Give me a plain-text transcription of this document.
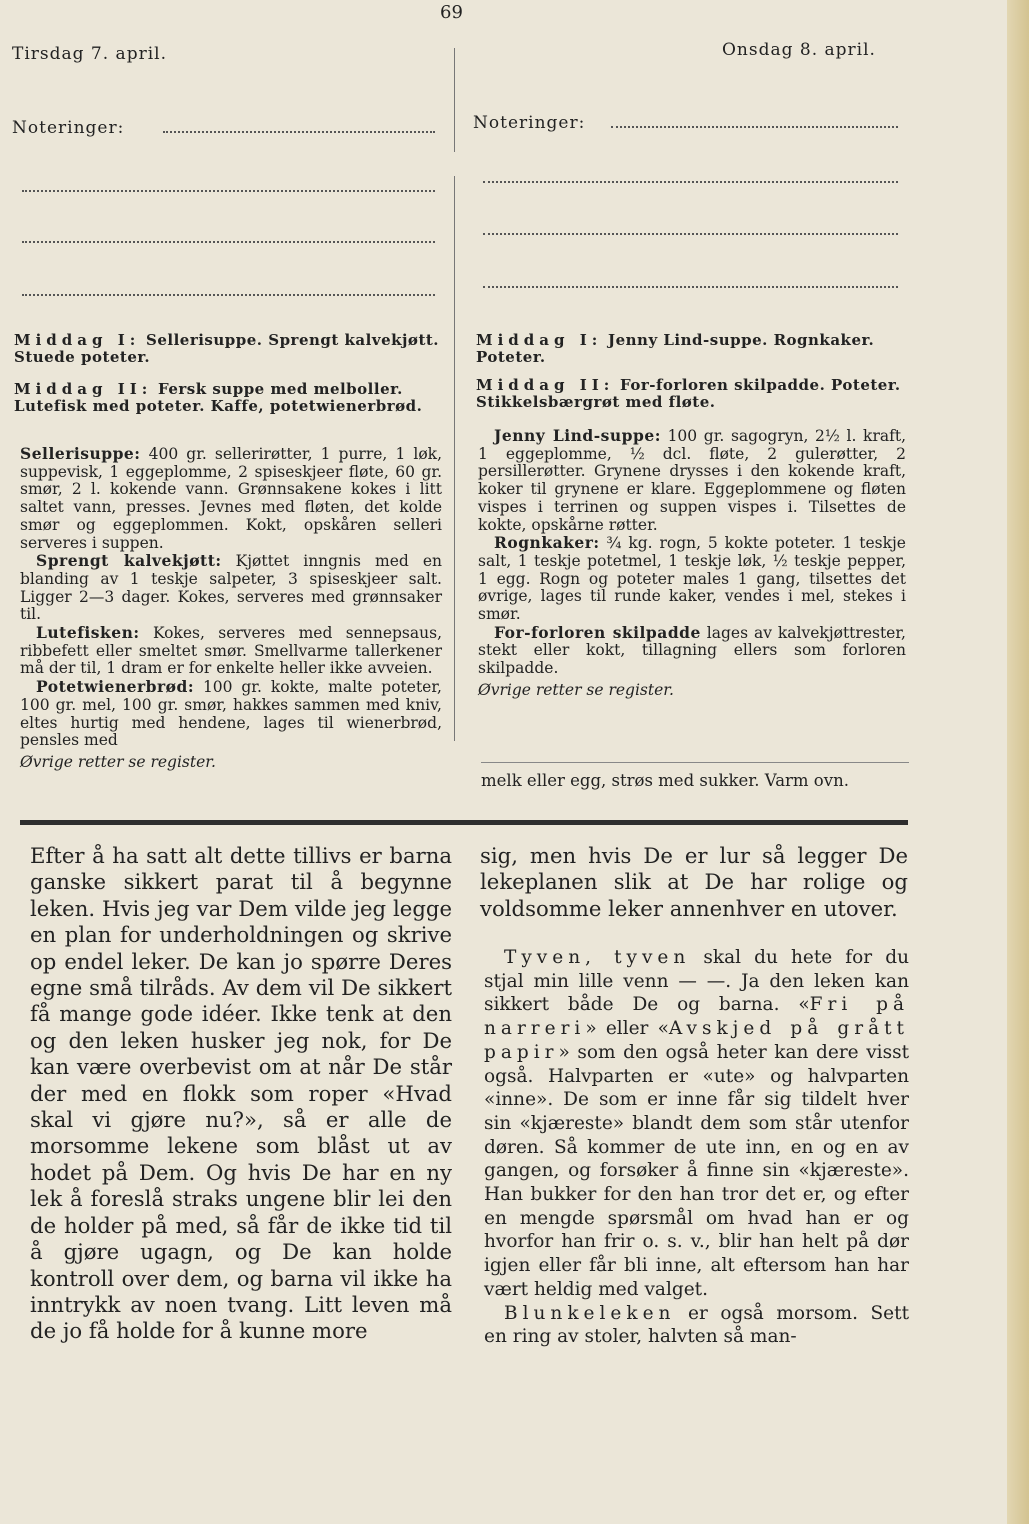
69
Tirsdag 7. april.
Noteringer:
Onsdag 8. april.
Noteringer:
Middag I: Sellerisuppe. Sprengt kalvekjøtt. Stuede poteter.
Middag II: Fersk suppe med melboller. Lutefisk med poteter. Kaffe, potetwienerbrød.

Sellerisuppe: 400 gr. sellerirøtter, 1 purre, 1 løk, suppevisk, 1 eggeplomme, 2 spiseskjeer fløte, 60 gr. smør, 2 l. kokende vann. Grønnsakene kokes i litt saltet vann, presses. Jevnes med fløten, det kolde smør og eggeplommen. Kokt, opskåren selleri serveres i suppen.

Sprengt kalvekjøtt: Kjøttet inngnis med en blanding av 1 teskje salpeter, 3 spiseskjeer salt. Ligger 2—3 dager. Kokes, serveres med grønnsaker til.

Lutefisken: Kokes, serveres med sennepsaus, ribbefett eller smeltet smør. Smellvarme tallerkener må der til, 1 dram er for enkelte heller ikke avveien.

Potetwienerbrød: 100 gr. kokte, malte poteter, 100 gr. mel, 100 gr. smør, hakkes sammen med kniv, eltes hurtig med hendene, lages til wienerbrød, pensles med

Øvrige retter se register.
Middag I: Jenny Lind-suppe. Rognkaker. Poteter.
Middag II: For-forloren skilpadde. Poteter. Stikkelsbærgrøt med fløte.

Jenny Lind-suppe: 100 gr. sagogryn, 2½ l. kraft, 1 eggeplomme, ½ dcl. fløte, 2 gulerøtter, 2 persillerøtter. Grynene drysses i den kokende kraft, koker til grynene er klare. Eggeplommene og fløten vispes i terrinen og suppen vispes i. Tilsettes de kokte, opskårne røtter.

Rognkaker: ¾ kg. rogn, 5 kokte poteter. 1 teskje salt, 1 teskje potetmel, 1 teskje løk, ½ teskje pepper, 1 egg. Rogn og poteter males 1 gang, tilsettes det øvrige, lages til runde kaker, vendes i mel, stekes i smør.

For-forloren skilpadde lages av kalvekjøttrester, stekt eller kokt, tillagning ellers som forloren skilpadde.

Øvrige retter se register.
melk eller egg, strøs med sukker. Varm ovn.
Efter å ha satt alt dette tillivs er barna ganske sikkert parat til å begynne leken. Hvis jeg var Dem vilde jeg legge en plan for underholdningen og skrive op endel leker. De kan jo spørre Deres egne små tilråds. Av dem vil De sikkert få mange gode idéer. Ikke tenk at den og den leken husker jeg nok, for De kan være overbevist om at når De står der med en flokk som roper «Hvad skal vi gjøre nu?», så er alle de morsomme lekene som blåst ut av hodet på Dem. Og hvis De har en ny lek å foreslå straks ungene blir lei den de holder på med, så får de ikke tid til å gjøre ugagn, og De kan holde kontroll over dem, og barna vil ikke ha inntrykk av noen tvang. Litt leven må de jo få holde for å kunne more
sig, men hvis De er lur så legger De lekeplanen slik at De har rolige og voldsomme leker annenhver en utover.

Tyven, tyven skal du hete for du stjal min lille venn — —. Ja den leken kan sikkert både De og barna. «Fri på narreri» eller «Avskjed på grått papir» som den også heter kan dere visst også. Halvparten er «ute» og halvparten «inne». De som er inne får sig tildelt hver sin «kjæreste» blandt dem som står utenfor døren. Så kommer de ute inn, en og en av gangen, og forsøker å finne sin «kjæreste». Han bukker for den han tror det er, og efter en mengde spørsmål om hvad han er og hvorfor han frir o. s. v., blir han helt på dør igjen eller får bli inne, alt eftersom han har vært heldig med valget.

Blunkeleken er også morsom. Sett en ring av stoler, halvten så man-
